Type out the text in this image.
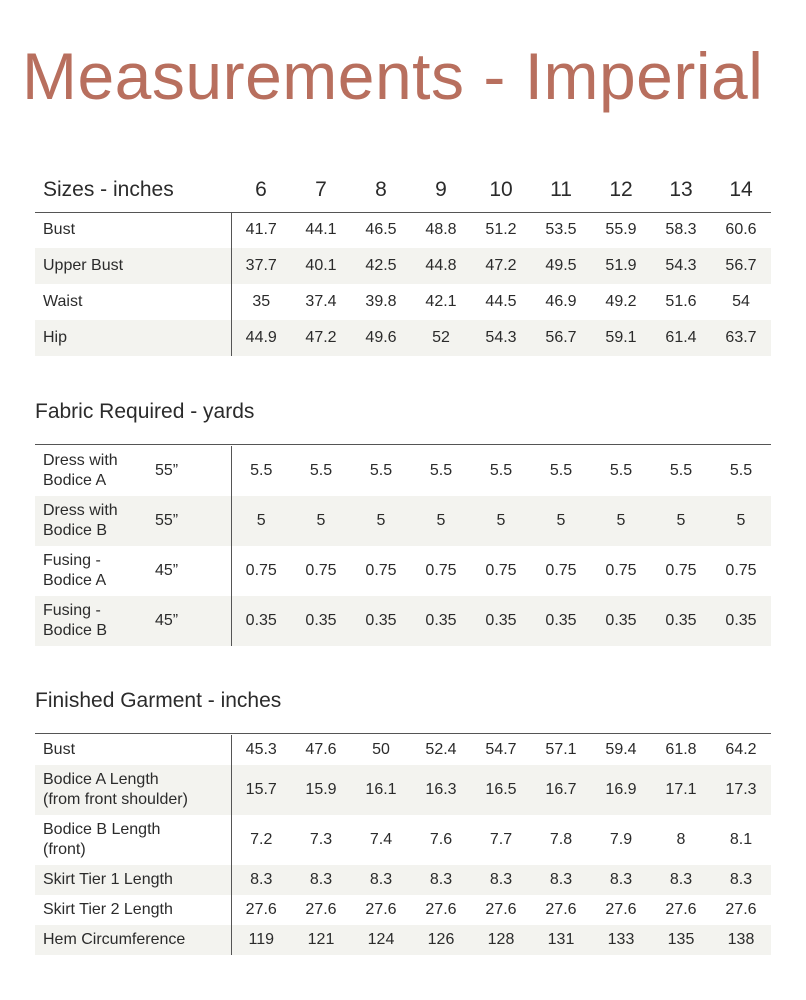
Measurements - Imperial
Sizes - inches	6	7	8	9	10	11	12	13	14
Bust	41.7	44.1	46.5	48.8	51.2	53.5	55.9	58.3	60.6
Upper Bust	37.7	40.1	42.5	44.8	47.2	49.5	51.9	54.3	56.7
Waist	35	37.4	39.8	42.1	44.5	46.9	49.2	51.6	54
Hip	44.9	47.2	49.6	52	54.3	56.7	59.1	61.4	63.7
Fabric Required - yards
Dress with
Bodice A	55”	5.5	5.5	5.5	5.5	5.5	5.5	5.5	5.5	5.5
Dress with
Bodice B	55”	5	5	5	5	5	5	5	5	5
Fusing -
Bodice A	45”	0.75	0.75	0.75	0.75	0.75	0.75	0.75	0.75	0.75
Fusing -
Bodice B	45”	0.35	0.35	0.35	0.35	0.35	0.35	0.35	0.35	0.35
Finished Garment - inches
Bust	45.3	47.6	50	52.4	54.7	57.1	59.4	61.8	64.2
Bodice A Length
(from front shoulder)	15.7	15.9	16.1	16.3	16.5	16.7	16.9	17.1	17.3
Bodice B Length
(front)	7.2	7.3	7.4	7.6	7.7	7.8	7.9	8	8.1
Skirt Tier 1 Length	8.3	8.3	8.3	8.3	8.3	8.3	8.3	8.3	8.3
Skirt Tier 2 Length	27.6	27.6	27.6	27.6	27.6	27.6	27.6	27.6	27.6
Hem Circumference	119	121	124	126	128	131	133	135	138
